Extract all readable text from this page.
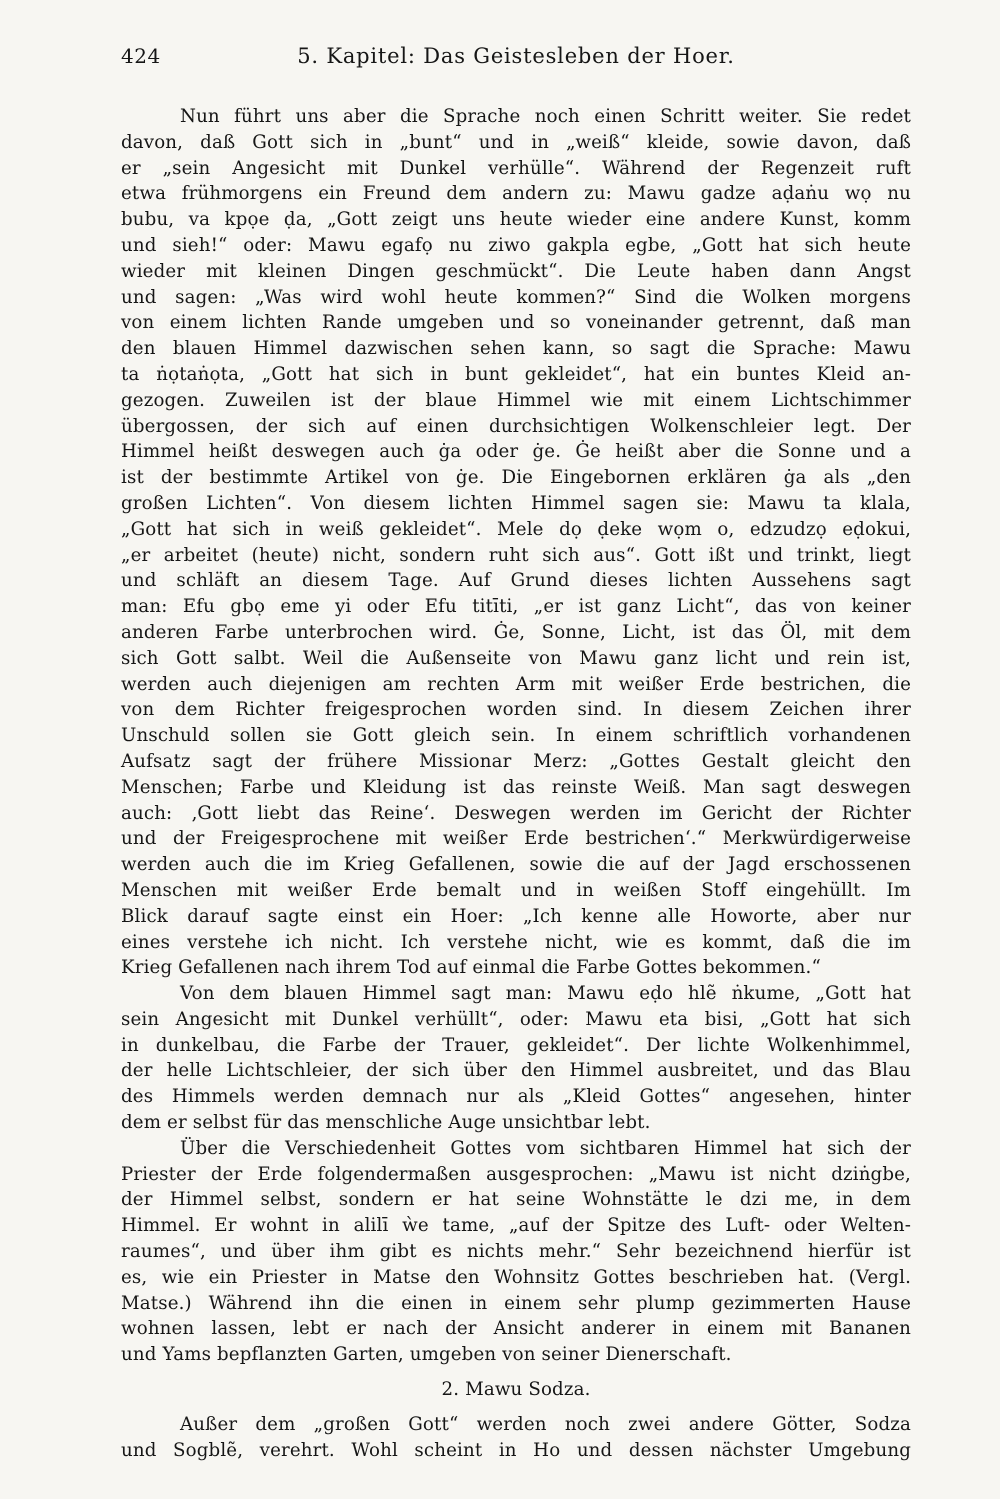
424	5. Kapitel: Das Geistesleben der Hoer.
Nun führt uns aber die Sprache noch einen Schritt weiter. Sie redet
davon, daß Gott sich in „bunt“ und in „weiß“ kleide, sowie davon, daß
er „sein Angesicht mit Dunkel verhülle“. Während der Regenzeit ruft
etwa frühmorgens ein Freund dem andern zu: Mawu gadze aḍaṅu wọ nu
bubu, va kpọe ḍa, „Gott zeigt uns heute wieder eine andere Kunst, komm
und sieh!“ oder: Mawu egafọ nu ziwo gakpla egbe, „Gott hat sich heute
wieder mit kleinen Dingen geschmückt“. Die Leute haben dann Angst
und sagen: „Was wird wohl heute kommen?“ Sind die Wolken morgens
von einem lichten Rande umgeben und so voneinander getrennt, daß man
den blauen Himmel dazwischen sehen kann, so sagt die Sprache: Mawu
ta ṅọtaṅọta, „Gott hat sich in bunt gekleidet“, hat ein buntes Kleid an-
gezogen. Zuweilen ist der blaue Himmel wie mit einem Lichtschimmer
übergossen, der sich auf einen durchsichtigen Wolkenschleier legt. Der
Himmel heißt deswegen auch ġa oder ġe. Ġe heißt aber die Sonne und a
ist der bestimmte Artikel von ġe. Die Eingebornen erklären ġa als „den
großen Lichten“. Von diesem lichten Himmel sagen sie: Mawu ta klala,
„Gott hat sich in weiß gekleidet“. Mele dọ ḍeke wọm o, edzudzọ eḍokui,
„er arbeitet (heute) nicht, sondern ruht sich aus“. Gott ißt und trinkt, liegt
und schläft an diesem Tage. Auf Grund dieses lichten Aussehens sagt
man: Efu gbọ eme yi oder Efu titīti, „er ist ganz Licht“, das von keiner
anderen Farbe unterbrochen wird. Ġe, Sonne, Licht, ist das Öl, mit dem
sich Gott salbt. Weil die Außenseite von Mawu ganz licht und rein ist,
werden auch diejenigen am rechten Arm mit weißer Erde bestrichen, die
von dem Richter freigesprochen worden sind. In diesem Zeichen ihrer
Unschuld sollen sie Gott gleich sein. In einem schriftlich vorhandenen
Aufsatz sagt der frühere Missionar Merz: „Gottes Gestalt gleicht den
Menschen; Farbe und Kleidung ist das reinste Weiß. Man sagt deswegen
auch: ‚Gott liebt das Reine‘. Deswegen werden im Gericht der Richter
und der Freigesprochene mit weißer Erde bestrichen‘.“ Merkwürdigerweise
werden auch die im Krieg Gefallenen, sowie die auf der Jagd erschossenen
Menschen mit weißer Erde bemalt und in weißen Stoff eingehüllt. Im
Blick darauf sagte einst ein Hoer: „Ich kenne alle Howorte, aber nur
eines verstehe ich nicht. Ich verstehe nicht, wie es kommt, daß die im
Krieg Gefallenen nach ihrem Tod auf einmal die Farbe Gottes bekommen.“
Von dem blauen Himmel sagt man: Mawu eḍo hlẽ ṅkume, „Gott hat
sein Angesicht mit Dunkel verhüllt“, oder: Mawu eta bisi, „Gott hat sich
in dunkelbau, die Farbe der Trauer, gekleidet“. Der lichte Wolkenhimmel,
der helle Lichtschleier, der sich über den Himmel ausbreitet, und das Blau
des Himmels werden demnach nur als „Kleid Gottes“ angesehen, hinter
dem er selbst für das menschliche Auge unsichtbar lebt.
Über die Verschiedenheit Gottes vom sichtbaren Himmel hat sich der
Priester der Erde folgendermaßen ausgesprochen: „Mawu ist nicht dziṅgbe,
der Himmel selbst, sondern er hat seine Wohnstätte le dzi me, in dem
Himmel. Er wohnt in alilī ẁe tame, „auf der Spitze des Luft- oder Welten-
raumes“, und über ihm gibt es nichts mehr.“ Sehr bezeichnend hierfür ist
es, wie ein Priester in Matse den Wohnsitz Gottes beschrieben hat. (Vergl.
Matse.) Während ihn die einen in einem sehr plump gezimmerten Hause
wohnen lassen, lebt er nach der Ansicht anderer in einem mit Bananen
und Yams bepflanzten Garten, umgeben von seiner Dienerschaft.
2. Mawu Sodza.
Außer dem „großen Gott“ werden noch zwei andere Götter, Sodza
und Sogblẽ, verehrt. Wohl scheint in Ho und dessen nächster Umgebung
